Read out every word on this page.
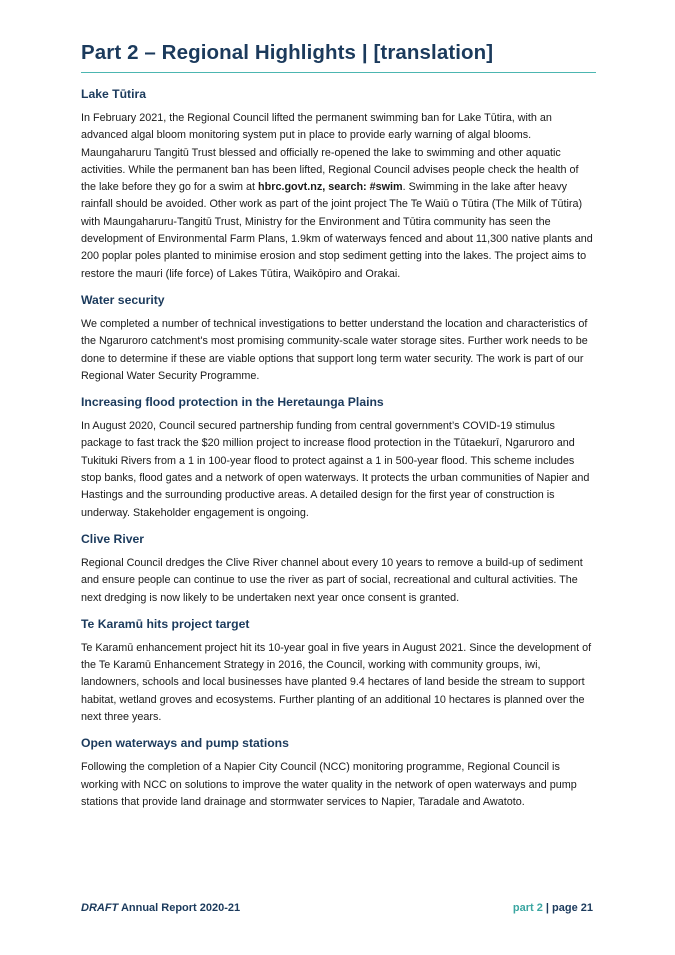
Part 2 – Regional Highlights | [translation]
Lake Tūtira

In February 2021, the Regional Council lifted the permanent swimming ban for Lake Tūtira, with an advanced algal bloom monitoring system put in place to provide early warning of algal blooms. Maungaharuru Tangitū Trust blessed and officially re-opened the lake to swimming and other aquatic activities. While the permanent ban has been lifted, Regional Council advises people check the health of the lake before they go for a swim at hbrc.govt.nz, search: #swim. Swimming in the lake after heavy rainfall should be avoided. Other work as part of the joint project The Te Waiū o Tūtira (The Milk of Tūtira) with Maungaharuru-Tangitū Trust, Ministry for the Environment and Tūtira community has seen the development of Environmental Farm Plans, 1.9km of waterways fenced and about 11,300 native plants and 200 poplar poles planted to minimise erosion and stop sediment getting into the lakes. The project aims to restore the mauri (life force) of Lakes Tūtira, Waikōpiro and Orakai.

Water security

We completed a number of technical investigations to better understand the location and characteristics of the Ngaruroro catchment's most promising community-scale water storage sites. Further work needs to be done to determine if these are viable options that support long term water security. The work is part of our Regional Water Security Programme.

Increasing flood protection in the Heretaunga Plains

In August 2020, Council secured partnership funding from central government’s COVID-19 stimulus package to fast track the $20 million project to increase flood protection in the Tūtaekurī, Ngaruroro and Tukituki Rivers from a 1 in 100-year flood to protect against a 1 in 500-year flood. This scheme includes stop banks, flood gates and a network of open waterways. It protects the urban communities of Napier and Hastings and the surrounding productive areas. A detailed design for the first year of construction is underway. Stakeholder engagement is ongoing.

Clive River

Regional Council dredges the Clive River channel about every 10 years to remove a build-up of sediment and ensure people can continue to use the river as part of social, recreational and cultural activities. The next dredging is now likely to be undertaken next year once consent is granted.

Te Karamū hits project target

Te Karamū enhancement project hit its 10-year goal in five years in August 2021. Since the development of the Te Karamū Enhancement Strategy in 2016, the Council, working with community groups, iwi, landowners, schools and local businesses have planted 9.4 hectares of land beside the stream to support habitat, wetland groves and ecosystems. Further planting of an additional 10 hectares is planned over the next three years.

Open waterways and pump stations

Following the completion of a Napier City Council (NCC) monitoring programme, Regional Council is working with NCC on solutions to improve the water quality in the network of open waterways and pump stations that provide land drainage and stormwater services to Napier, Taradale and Awatoto.

DRAFT Annual Report 2020-21	part 2 | page 21
